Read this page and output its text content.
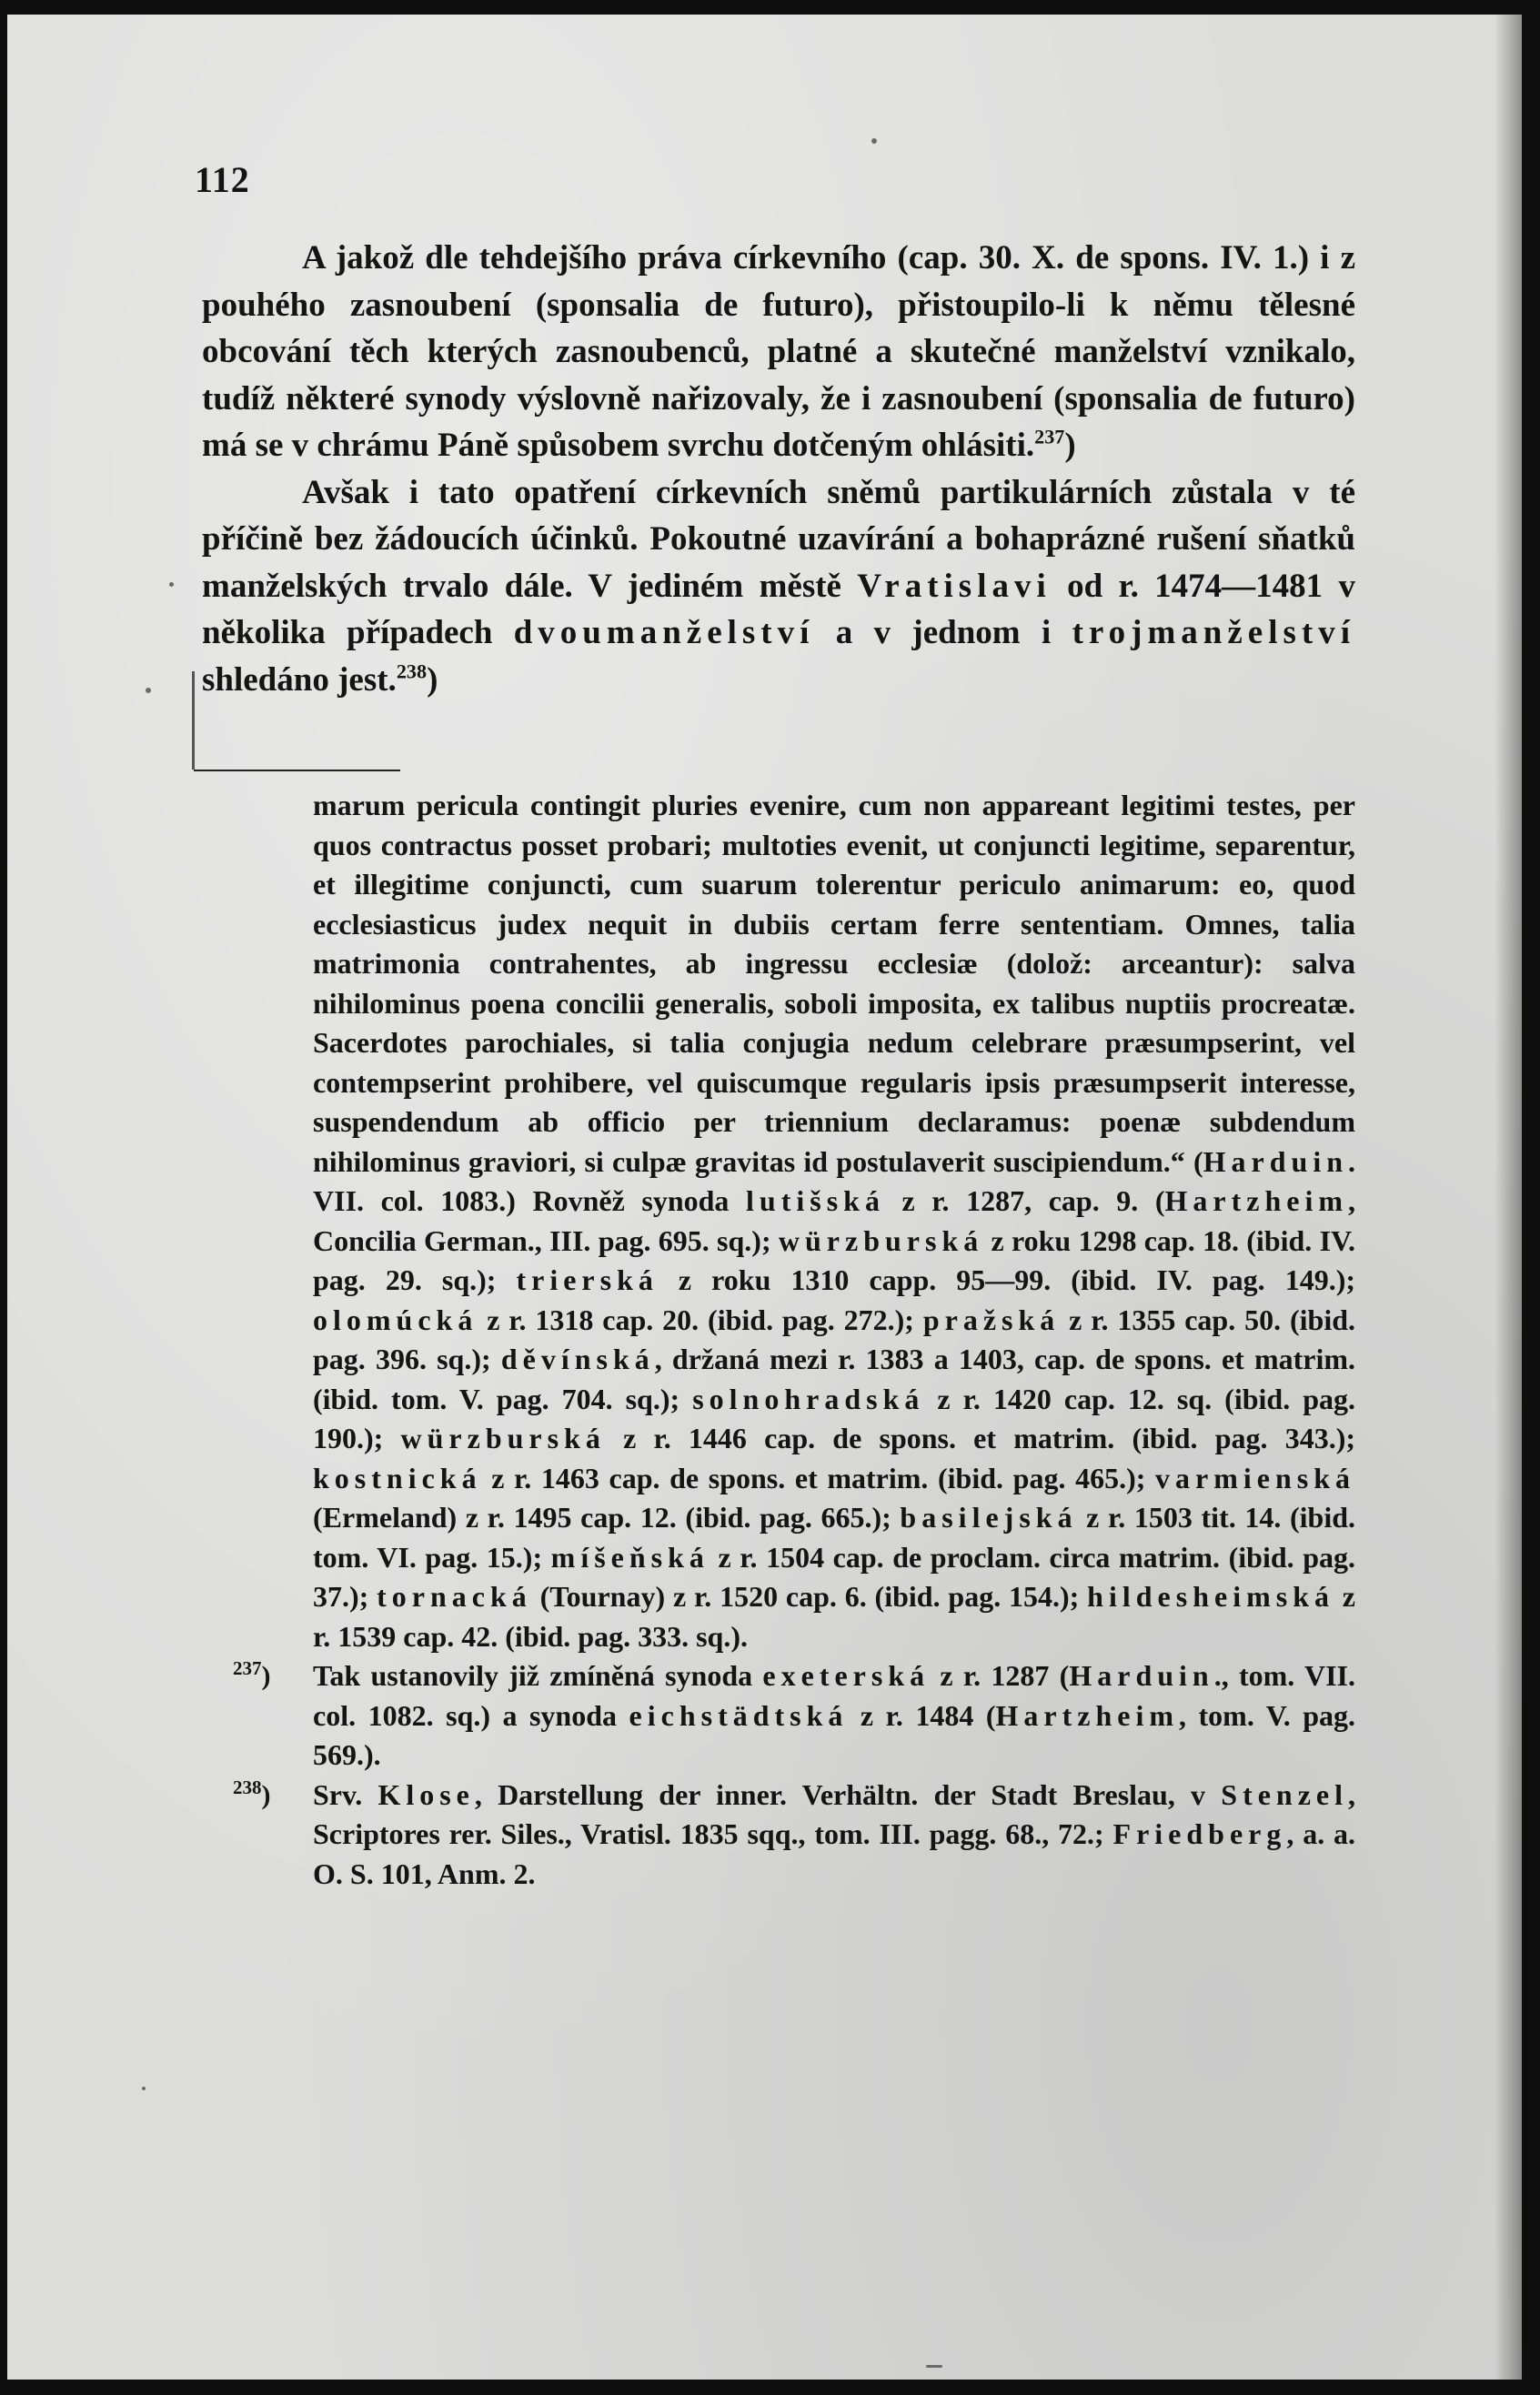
112

A jakož dle tehdejšího práva církevního (cap. 30. X. de spons. IV. 1.) i z pouhého zasnoubení (sponsalia de futuro), přistoupilo-li k němu tělesné obcování těch kterých zasnoubenců, platné a skutečné manželství vznikalo, tudíž některé synody výslovně nařizovaly, že i zasnoubení (sponsalia de futuro) má se v chrámu Páně spůsobem svrchu dotčeným ohlásiti.$^{237}$)

Avšak i tato opatření církevních sněmů partikulárních zůstala v té příčině bez žádoucích účinků. Pokoutné uzavírání a bohaprázné rušení sňatků manželských trvalo dále. V jediném městě Vratislavi od r. 1474—1481 v několika případech dvoumanželství a v jednom i trojmanželství shledáno jest.$^{238}$)

marum pericula contingit pluries evenire, cum non appareant legitimi testes, per quos contractus posset probari; multoties evenit, ut conjuncti legitime, separentur, et illegitime conjuncti, cum suarum tolerentur periculo animarum: eo, quod ecclesiasticus judex nequit in dubiis certam ferre sententiam. Omnes, talia matrimonia contrahentes, ab ingressu ecclesiæ (dolož: arceantur): salva nihilominus poena concilii generalis, soboli imposita, ex talibus nuptiis procreatæ. Sacerdotes parochiales, si talia conjugia nedum celebrare præsumpserint, vel contempserint prohibere, vel quiscumque regularis ipsis præsumpserit interesse, suspendendum ab officio per triennium declaramus: poenæ subdendum nihilominus graviori, si culpæ gravitas id postulaverit suscipiendum.“ (Harduin. VII. col. 1083.) Rovněž synoda lutišská z r. 1287, cap. 9. (Hartzheim, Concilia German., III. pag. 695. sq.); würzburská z roku 1298 cap. 18. (ibid. IV. pag. 29. sq.); trierská z roku 1310 capp. 95—99. (ibid. IV. pag. 149.); olomúcká z r. 1318 cap. 20. (ibid. pag. 272.); pražská z r. 1355 cap. 50. (ibid. pag. 396. sq.); děvínská, držaná mezi r. 1383 a 1403, cap. de spons. et matrim. (ibid. tom. V. pag. 704. sq.); solnohradská z r. 1420 cap. 12. sq. (ibid. pag. 190.); würzburská z r. 1446 cap. de spons. et matrim. (ibid. pag. 343.); kostnická z r. 1463 cap. de spons. et matrim. (ibid. pag. 465.); varmienská (Ermeland) z r. 1495 cap. 12. (ibid. pag. 665.); basilejská z r. 1503 tit. 14. (ibid. tom. VI. pag. 15.); míšeňská z r. 1504 cap. de proclam. circa matrim. (ibid. pag. 37.); tornacká (Tournay) z r. 1520 cap. 6. (ibid. pag. 154.); hildesheimská z r. 1539 cap. 42. (ibid. pag. 333. sq.).

$^{237}$) Tak ustanovily již zmíněná synoda exeterská z r. 1287 (Harduin., tom. VII. col. 1082. sq.) a synoda eichstädtská z r. 1484 (Hartzheim, tom. V. pag. 569.).

$^{238}$) Srv. Klose, Darstellung der inner. Verhältn. der Stadt Breslau, v Stenzel, Scriptores rer. Siles., Vratisl. 1835 sqq., tom. III. pagg. 68., 72.; Friedberg, a. a. O. S. 101, Anm. 2.
